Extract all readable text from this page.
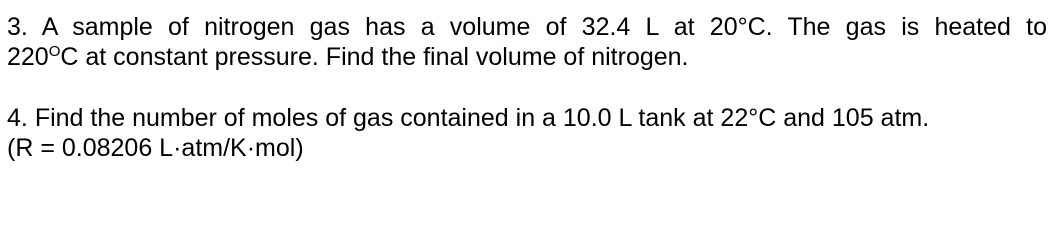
3. A sample of nitrogen gas has a volume of 32.4 L at 20°C. The gas is heated to
$220^OC$ at constant pressure. Find the final volume of nitrogen.
4. Find the number of moles of gas contained in a 10.0 L tank at 22°C and 105 atm.
(R = 0.08206 L·atm/K·mol)
